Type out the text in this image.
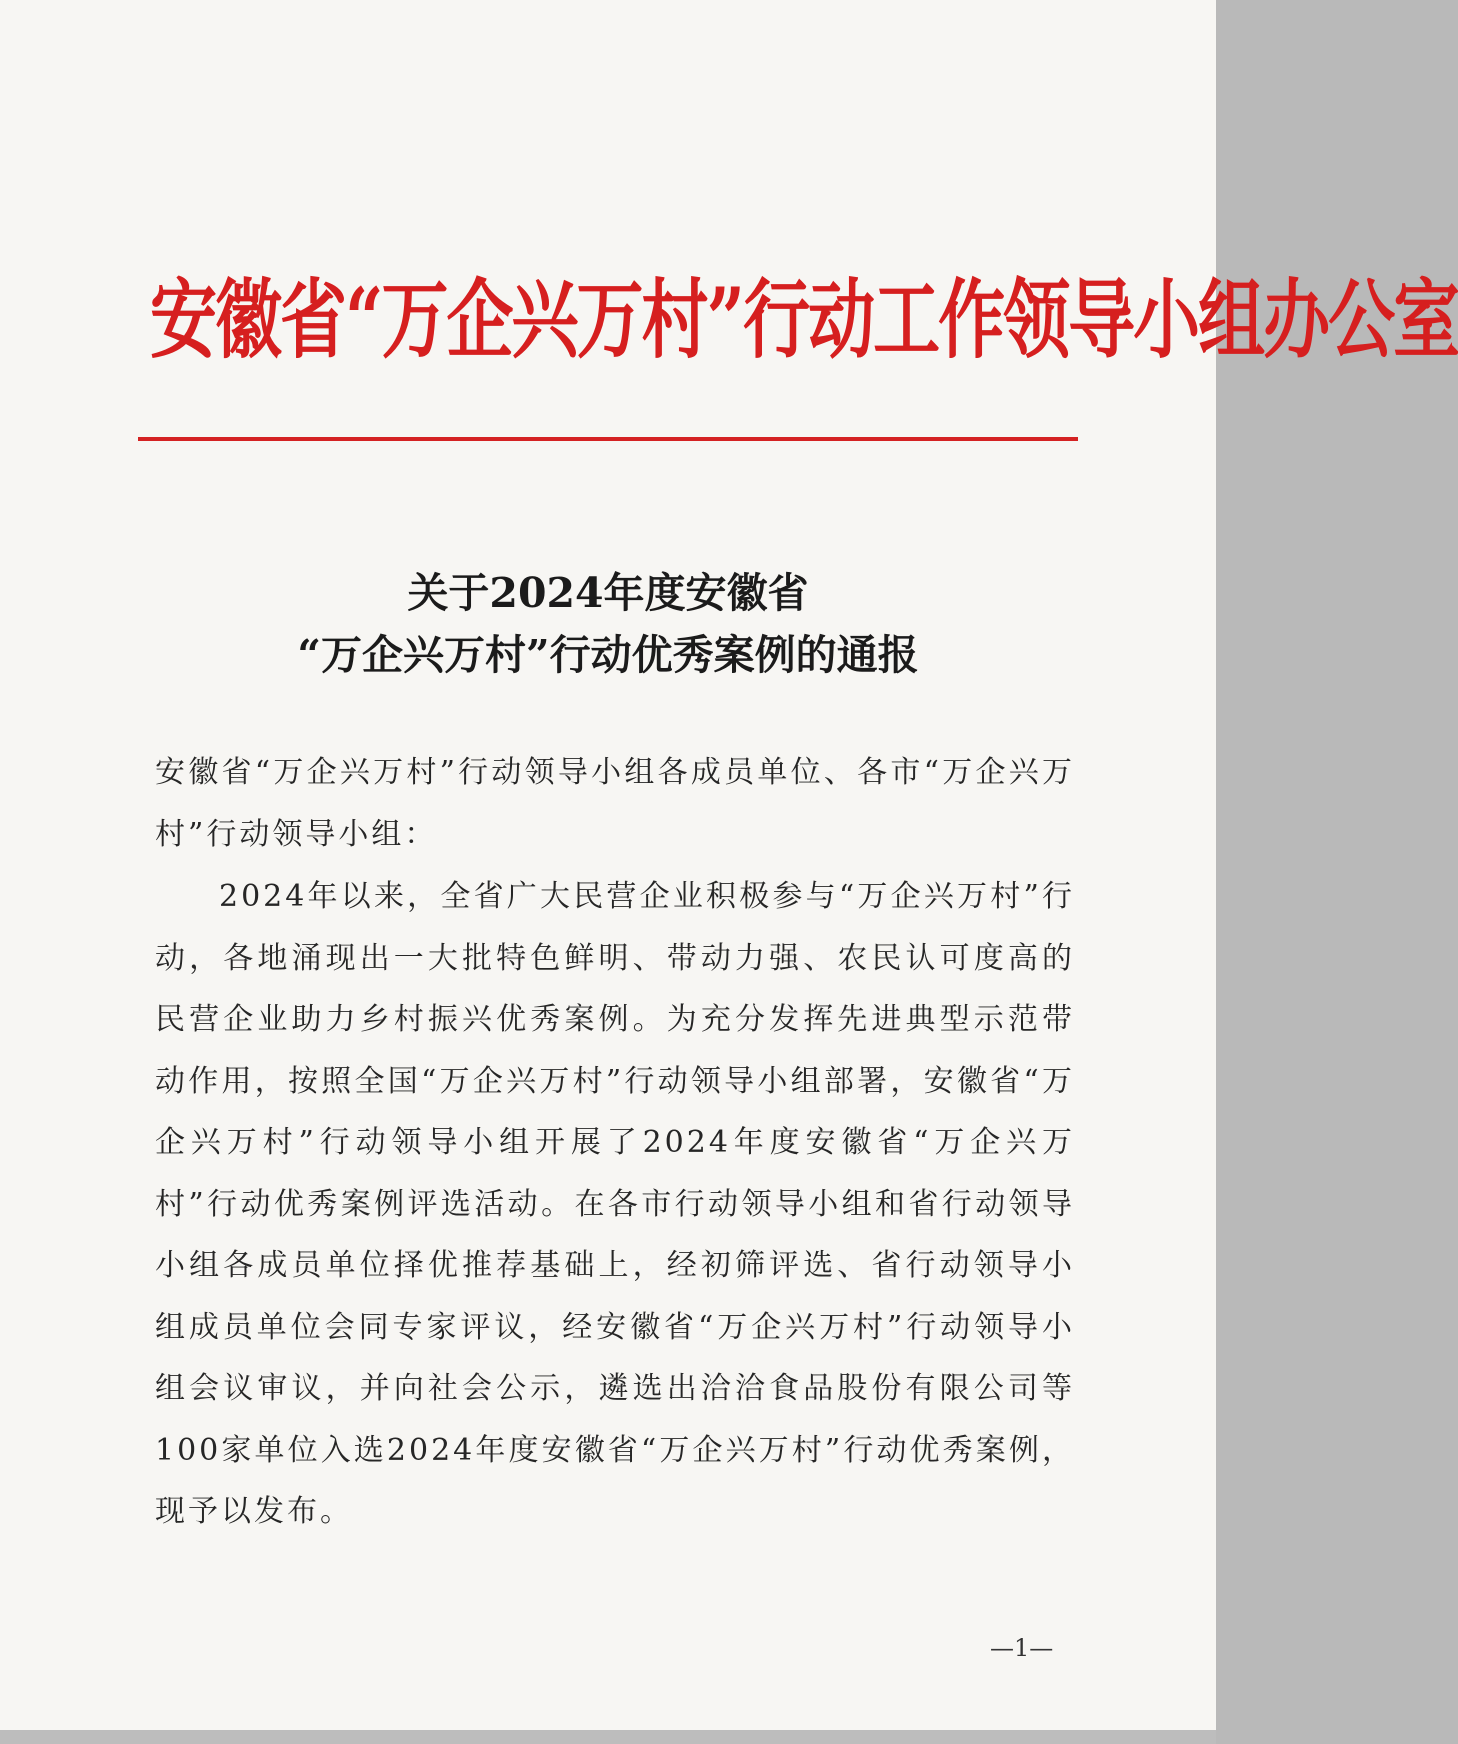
安徽省“万企兴万村”行动工作领导小组办公室
关于2024年度安徽省
“万企兴万村”行动优秀案例的通报
安徽省“万企兴万村”行动领导小组各成员单位、各市“万企兴万村”行动领导小组：
2024年以来，全省广大民营企业积极参与“万企兴万村”行动，各地涌现出一大批特色鲜明、带动力强、农民认可度高的民营企业助力乡村振兴优秀案例。为充分发挥先进典型示范带动作用，按照全国“万企兴万村”行动领导小组部署，安徽省“万企兴万村”行动领导小组开展了2024年度安徽省“万企兴万村”行动优秀案例评选活动。在各市行动领导小组和省行动领导小组各成员单位择优推荐基础上，经初筛评选、省行动领导小组成员单位会同专家评议，经安徽省“万企兴万村”行动领导小组会议审议，并向社会公示，遴选出洽洽食品股份有限公司等100家单位入选2024年度安徽省“万企兴万村”行动优秀案例，现予以发布。
—1—
